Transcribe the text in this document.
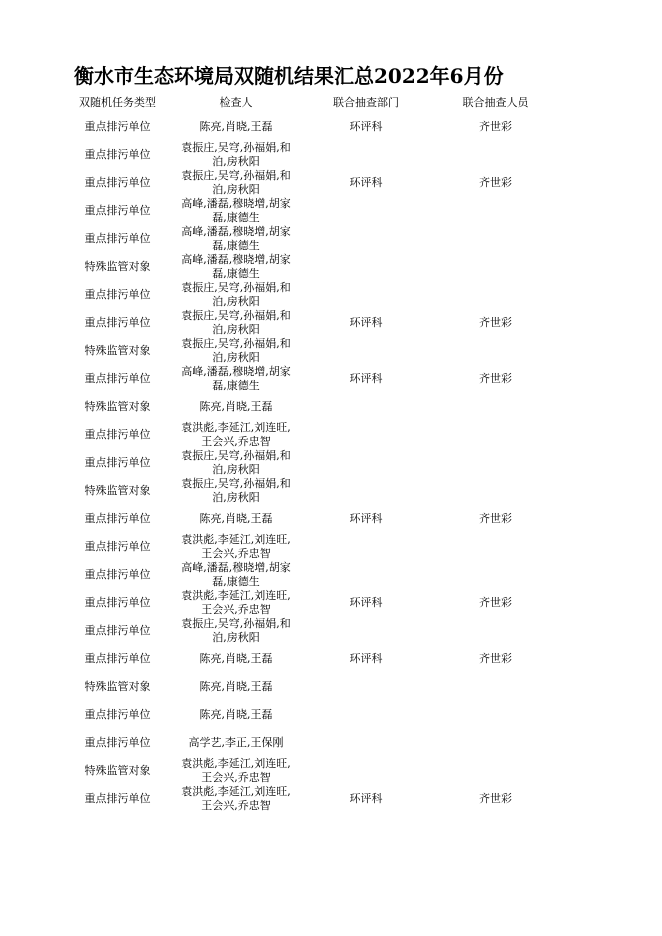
衡水市生态环境局双随机结果汇总2022年6月份
双随机任务类型	检查人	联合抽查部门	联合抽查人员
重点排污单位	陈亮,肖晓,王磊	环评科	齐世彩
重点排污单位	袁振庄,吴穹,孙福娟,和泊,房秋阳		
重点排污单位	袁振庄,吴穹,孙福娟,和泊,房秋阳	环评科	齐世彩
重点排污单位	高峰,潘磊,穆晓增,胡家磊,康德生		
重点排污单位	高峰,潘磊,穆晓增,胡家磊,康德生		
特殊监管对象	高峰,潘磊,穆晓增,胡家磊,康德生		
重点排污单位	袁振庄,吴穹,孙福娟,和泊,房秋阳		
重点排污单位	袁振庄,吴穹,孙福娟,和泊,房秋阳	环评科	齐世彩
特殊监管对象	袁振庄,吴穹,孙福娟,和泊,房秋阳		
重点排污单位	高峰,潘磊,穆晓增,胡家磊,康德生	环评科	齐世彩
特殊监管对象	陈亮,肖晓,王磊		
重点排污单位	袁洪彪,李延江,刘连旺,王会兴,乔忠智		
重点排污单位	袁振庄,吴穹,孙福娟,和泊,房秋阳		
特殊监管对象	袁振庄,吴穹,孙福娟,和泊,房秋阳		
重点排污单位	陈亮,肖晓,王磊	环评科	齐世彩
重点排污单位	袁洪彪,李延江,刘连旺,王会兴,乔忠智		
重点排污单位	高峰,潘磊,穆晓增,胡家磊,康德生		
重点排污单位	袁洪彪,李延江,刘连旺,王会兴,乔忠智	环评科	齐世彩
重点排污单位	袁振庄,吴穹,孙福娟,和泊,房秋阳		
重点排污单位	陈亮,肖晓,王磊	环评科	齐世彩
特殊监管对象	陈亮,肖晓,王磊		
重点排污单位	陈亮,肖晓,王磊		
重点排污单位	高学艺,李正,王保刚		
特殊监管对象	袁洪彪,李延江,刘连旺,王会兴,乔忠智		
重点排污单位	袁洪彪,李延江,刘连旺,王会兴,乔忠智	环评科	齐世彩
